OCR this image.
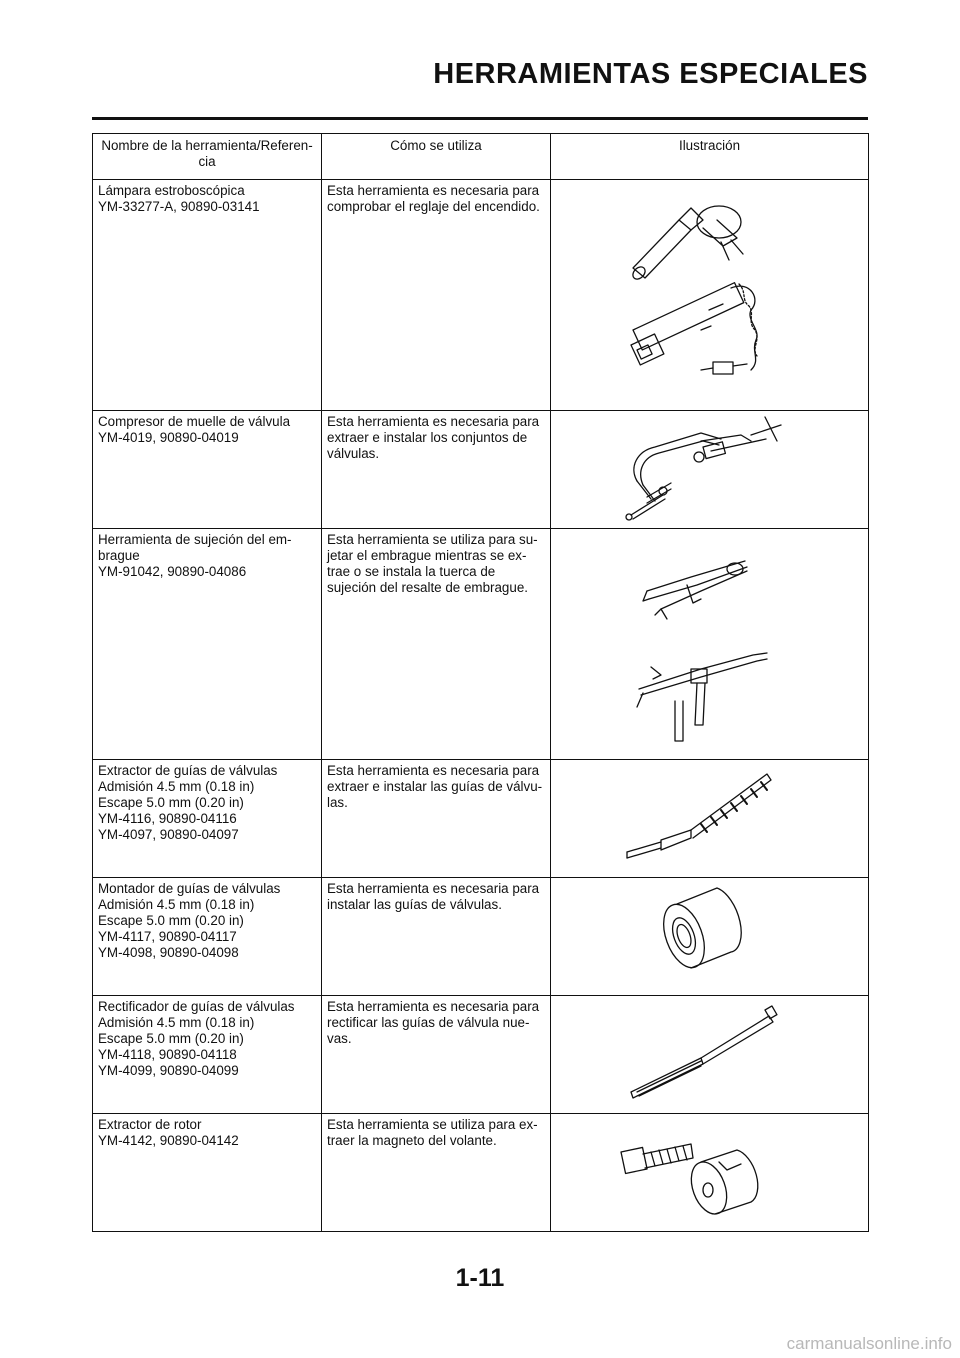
HERRAMIENTAS ESPECIALES
Nombre de la herramienta/Referen-
cia	Cómo se utiliza	Ilustración

Lámpara estroboscópica
YM-33277-A, 90890-03141	Esta herramienta es necesaria para
comprobar el reglaje del encendido.

Compresor de muelle de válvula
YM-4019, 90890-04019	Esta herramienta es necesaria para
extraer e instalar los conjuntos de
válvulas.

Herramienta de sujeción del em-
brague
YM-91042, 90890-04086	Esta herramienta se utiliza para su-
jetar el embrague mientras se ex-
trae o se instala la tuerca de
sujeción del resalte de embrague.

Extractor de guías de válvulas
Admisión 4.5 mm (0.18 in)
Escape 5.0 mm (0.20 in)
YM-4116, 90890-04116
YM-4097, 90890-04097	Esta herramienta es necesaria para
extraer e instalar las guías de válvu-
las.

Montador de guías de válvulas
Admisión 4.5 mm (0.18 in)
Escape 5.0 mm (0.20 in)
YM-4117, 90890-04117
YM-4098, 90890-04098	Esta herramienta es necesaria para
instalar las guías de válvulas.

Rectificador de guías de válvulas
Admisión 4.5 mm (0.18 in)
Escape 5.0 mm (0.20 in)
YM-4118, 90890-04118
YM-4099, 90890-04099	Esta herramienta es necesaria para
rectificar las guías de válvula nue-
vas.

Extractor de rotor
YM-4142, 90890-04142	Esta herramienta se utiliza para ex-
traer la magneto del volante.

1-11

carmanualsonline.info
